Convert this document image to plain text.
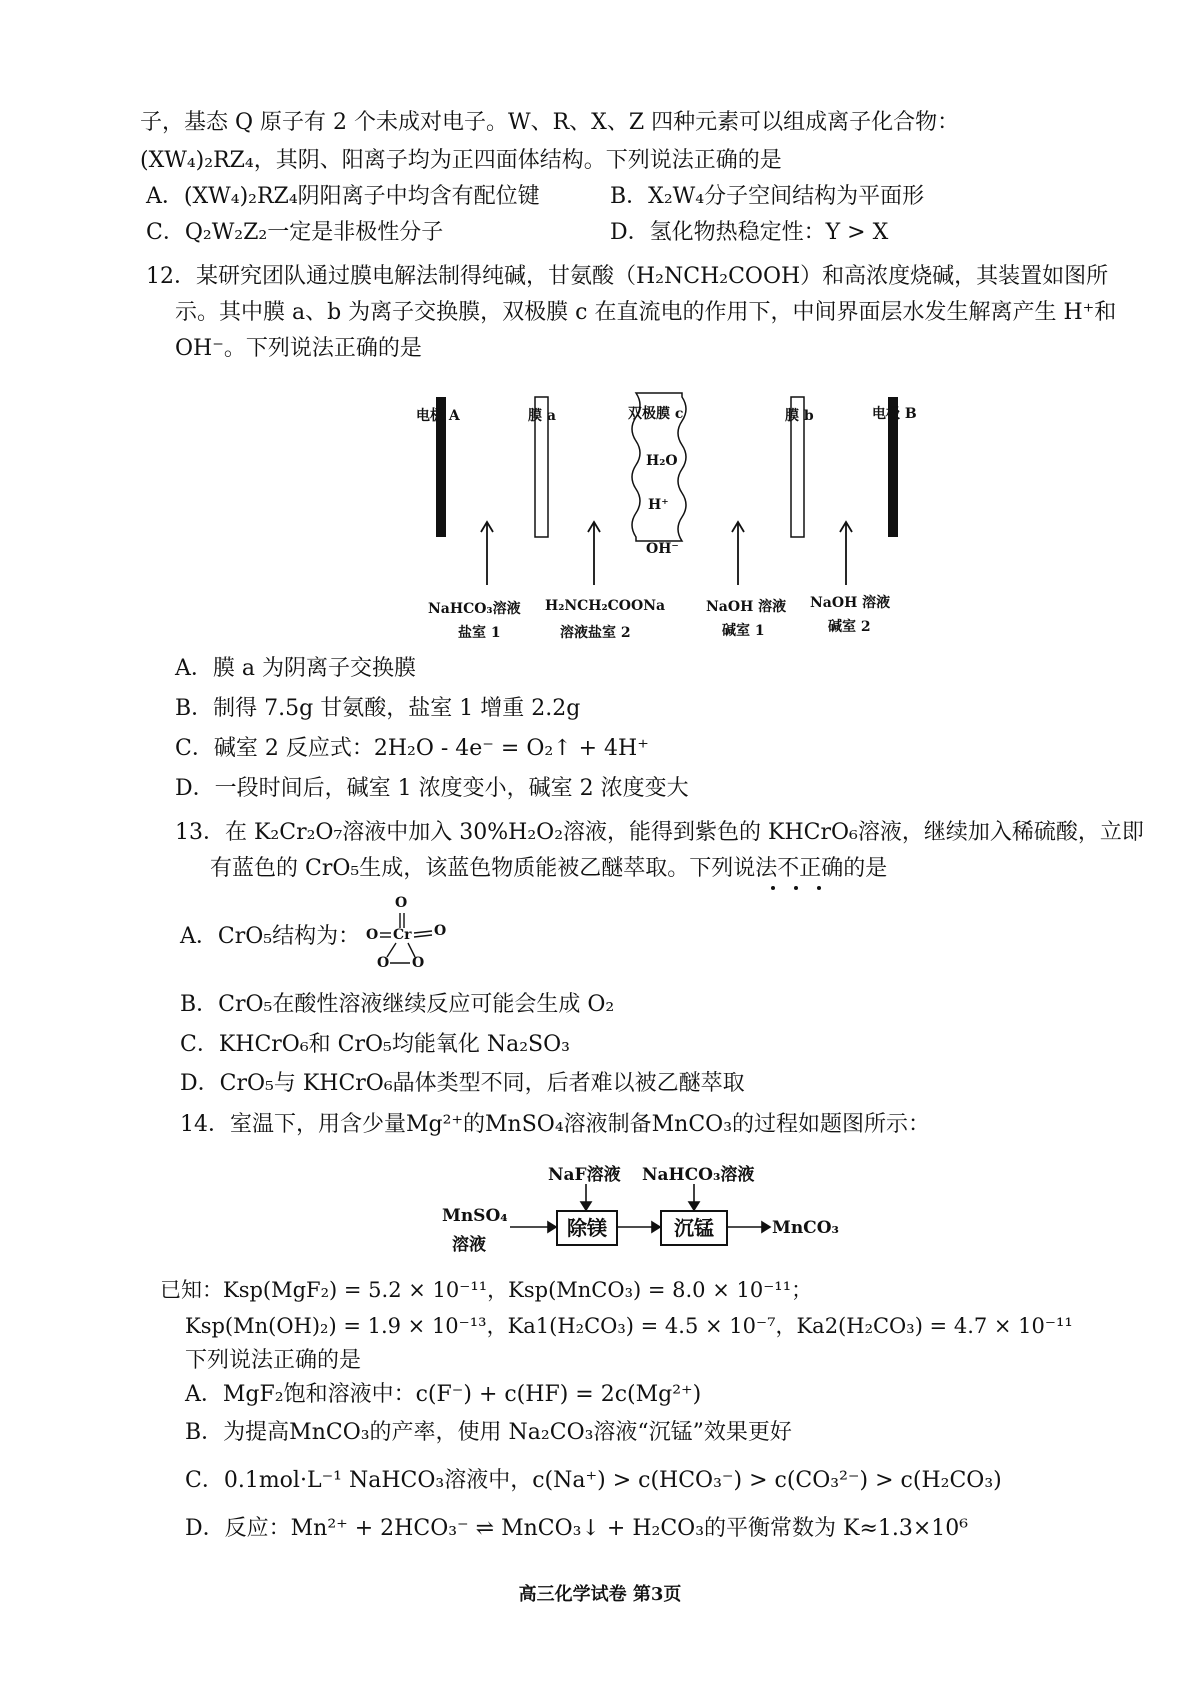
子，基态 Q 原子有 2 个未成对电子。W、R、X、Z 四种元素可以组成离子化合物：
(XW₄)₂RZ₄，其阴、阳离子均为正四面体结构。下列说法正确的是
A．(XW₄)₂RZ₄阴阳离子中均含有配位键	B．X₂W₄分子空间结构为平面形
C．Q₂W₂Z₂一定是非极性分子	D．氢化物热稳定性：Y > X
12．某研究团队通过膜电解法制得纯碱，甘氨酸（H₂NCH₂COOH）和高浓度烧碱，其装置如图所
示。其中膜 a、b 为离子交换膜，双极膜 c 在直流电的作用下，中间界面层水发生解离产生 H⁺和
OH⁻。下列说法正确的是
电极 A	膜 a	双极膜 c	膜 b	电极 B
H₂O
H⁺
OH⁻
NaHCO₃溶液
盐室 1
H₂NCH₂COONa
溶液盐室 2
NaOH 溶液
碱室 1
NaOH 溶液
碱室 2
A．膜 a 为阴离子交换膜
B．制得 7.5g 甘氨酸，盐室 1 增重 2.2g
C．碱室 2 反应式：2H₂O - 4e⁻ = O₂↑ + 4H⁺
D．一段时间后，碱室 1 浓度变小，碱室 2 浓度变大
13．在 K₂Cr₂O₇溶液中加入 30%H₂O₂溶液，能得到紫色的 KHCrO₆溶液，继续加入稀硫酸，立即
有蓝色的 CrO₅生成，该蓝色物质能被乙醚萃取。下列说法不正确的是
A．CrO₅结构为：
O
O Cr O
O O
B．CrO₅在酸性溶液继续反应可能会生成 O₂
C．KHCrO₆和 CrO₅均能氧化 Na₂SO₃
D．CrO₅与 KHCrO₆晶体类型不同，后者难以被乙醚萃取
14．室温下，用含少量Mg²⁺的MnSO₄溶液制备MnCO₃的过程如题图所示：
NaF溶液 NaHCO₃溶液
MnSO₄
溶液
除镁	沉锰	MnCO₃
已知：Ksp(MgF₂) = 5.2 × 10⁻¹¹，Ksp(MnCO₃) = 8.0 × 10⁻¹¹；
Ksp(Mn(OH)₂) = 1.9 × 10⁻¹³，Ka1(H₂CO₃) = 4.5 × 10⁻⁷，Ka2(H₂CO₃) = 4.7 × 10⁻¹¹
下列说法正确的是
A．MgF₂饱和溶液中：c(F⁻) + c(HF) = 2c(Mg²⁺)
B．为提高MnCO₃的产率，使用 Na₂CO₃溶液“沉锰”效果更好
C．0.1mol·L⁻¹ NaHCO₃溶液中，c(Na⁺) > c(HCO₃⁻) > c(CO₃²⁻) > c(H₂CO₃)
D．反应：Mn²⁺ + 2HCO₃⁻ ⇌ MnCO₃↓ + H₂CO₃的平衡常数为 K≈1.3×10⁶
高三化学试卷 第3页
